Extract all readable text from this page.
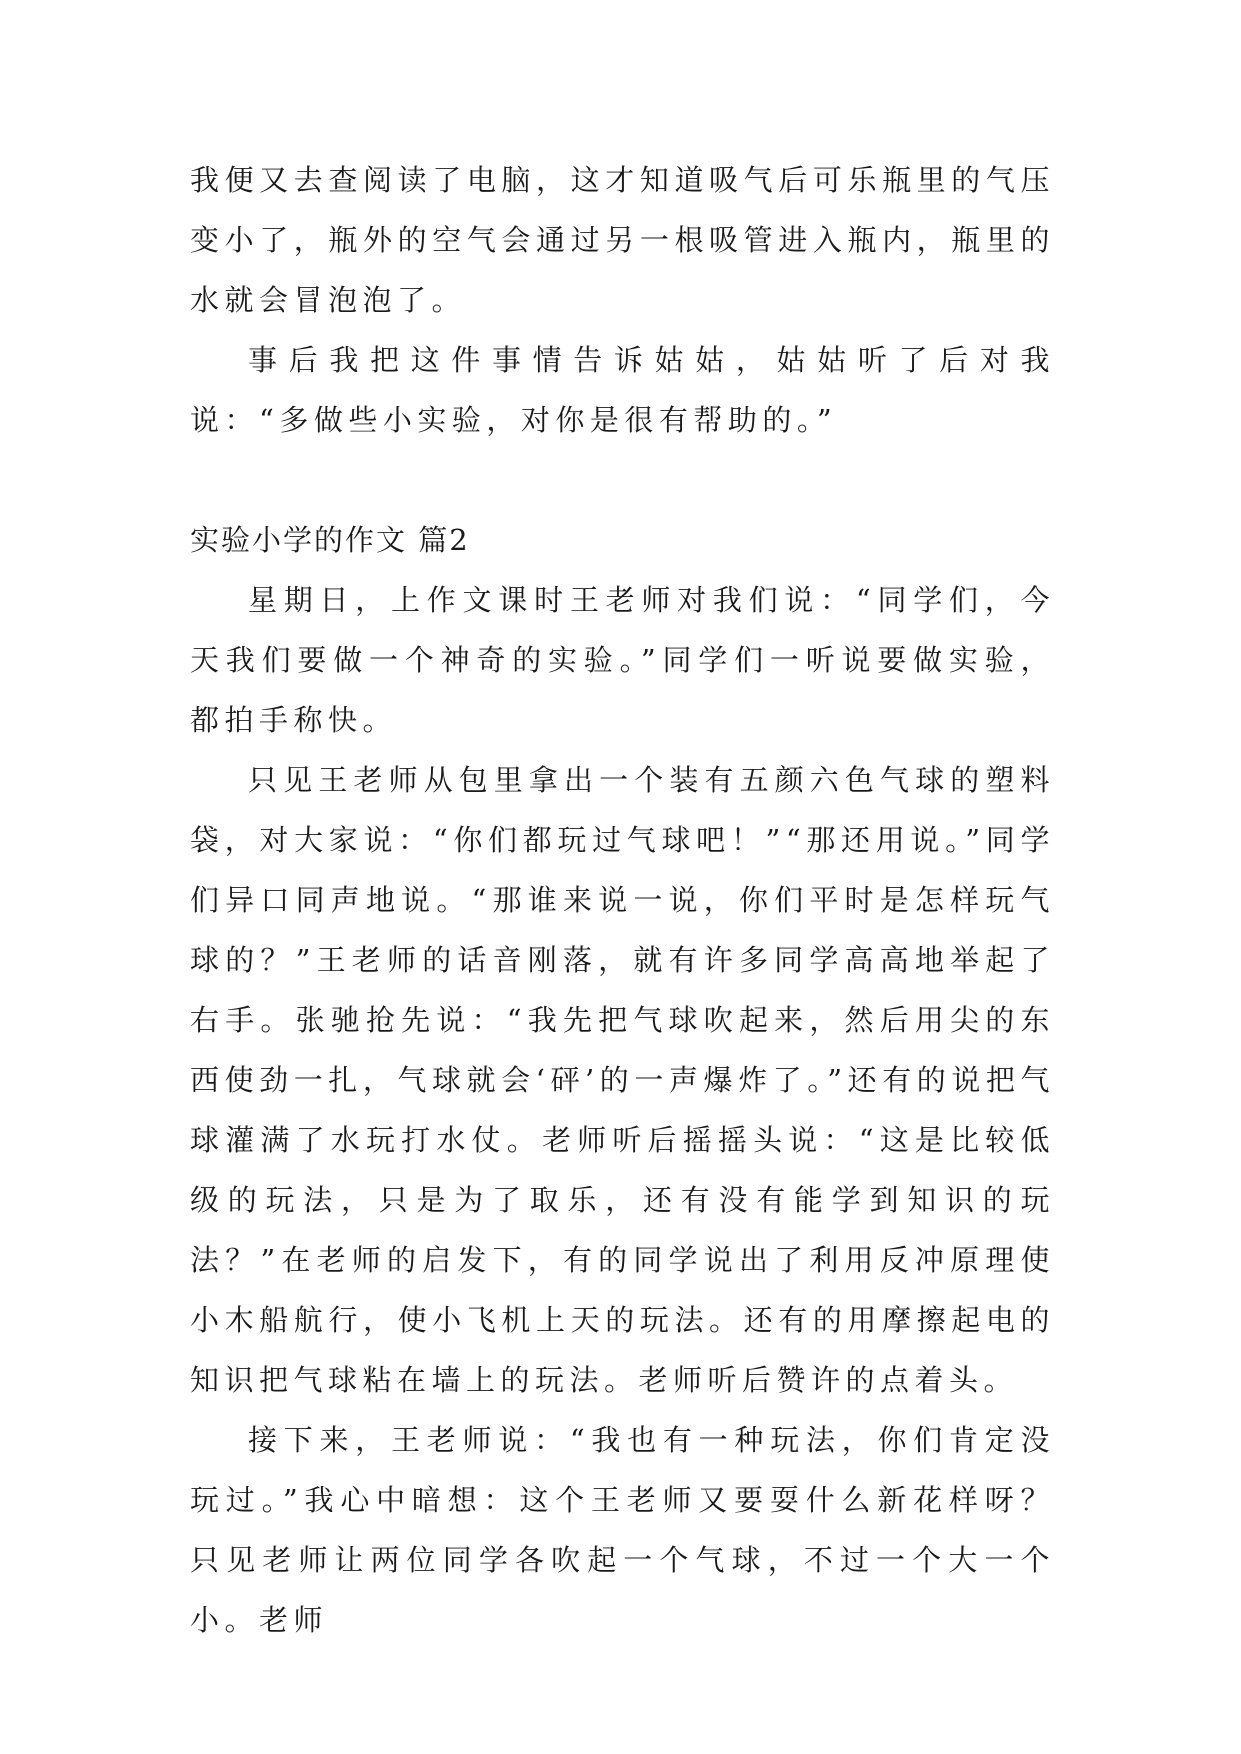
我便又去查阅读了电脑，这才知道吸气后可乐瓶里的气压变小了，瓶外的空气会通过另一根吸管进入瓶内，瓶里的水就会冒泡泡了。

事后我把这件事情告诉姑姑，姑姑听了后对我说：“多做些小实验，对你是很有帮助的。”

实验小学的作文 篇2

星期日，上作文课时王老师对我们说：“同学们，今天我们要做一个神奇的实验。”同学们一听说要做实验，都拍手称快。

只见王老师从包里拿出一个装有五颜六色气球的塑料袋，对大家说：“你们都玩过气球吧！”“那还用说。”同学们异口同声地说。“那谁来说一说，你们平时是怎样玩气球的？”王老师的话音刚落，就有许多同学高高地举起了右手。张驰抢先说：“我先把气球吹起来，然后用尖的东西使劲一扎，气球就会‘砰’的一声爆炸了。”还有的说把气球灌满了水玩打水仗。老师听后摇摇头说：“这是比较低级的玩法，只是为了取乐，还有没有能学到知识的玩法？”在老师的启发下，有的同学说出了利用反冲原理使小木船航行，使小飞机上天的玩法。还有的用摩擦起电的知识把气球粘在墙上的玩法。老师听后赞许的点着头。

接下来，王老师说：“我也有一种玩法，你们肯定没玩过。”我心中暗想：这个王老师又要耍什么新花样呀？只见老师让两位同学各吹起一个气球，不过一个大一个小。老师
